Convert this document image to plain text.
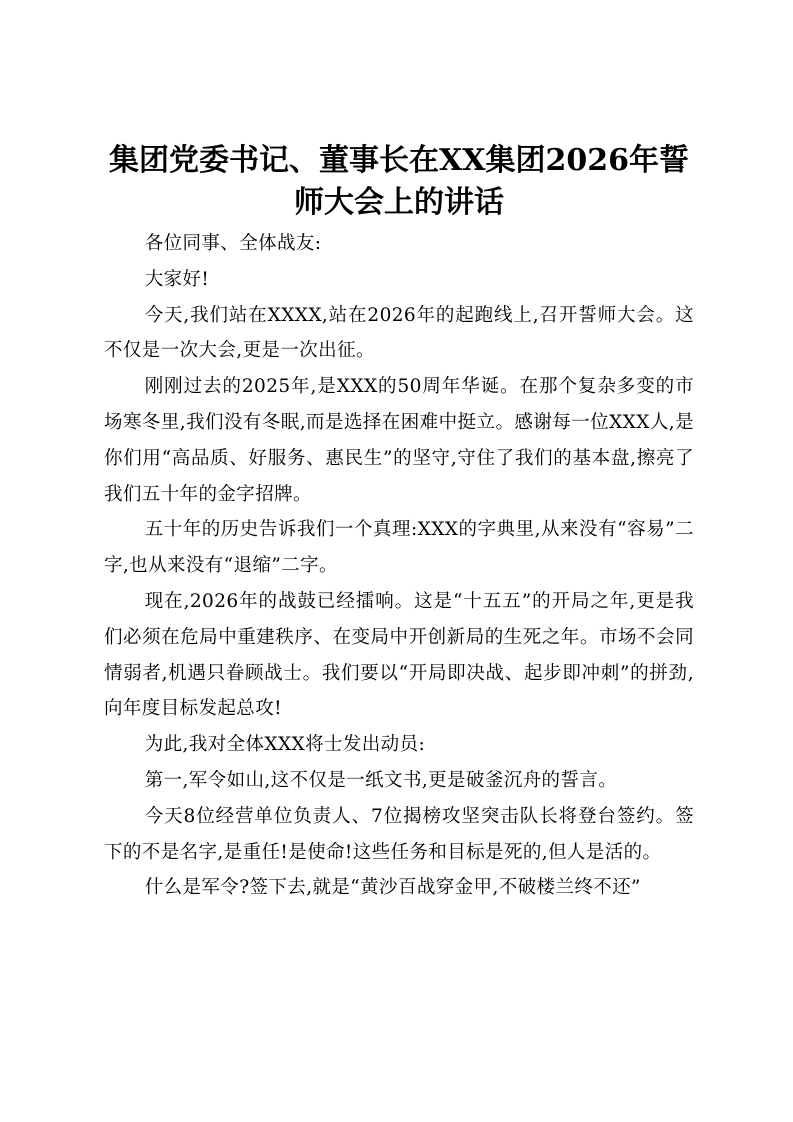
集团党委书记、董事长在XX集团2026年誓师大会上的讲话

各位同事、全体战友:

大家好!

今天,我们站在XXXX,站在2026年的起跑线上,召开誓师大会。这不仅是一次大会,更是一次出征。

刚刚过去的2025年,是XXX的50周年华诞。在那个复杂多变的市场寒冬里,我们没有冬眠,而是选择在困难中挺立。感谢每一位XXX人,是你们用“高品质、好服务、惠民生”的坚守,守住了我们的基本盘,擦亮了我们五十年的金字招牌。

五十年的历史告诉我们一个真理:XXX的字典里,从来没有“容易”二字,也从来没有“退缩”二字。

现在,2026年的战鼓已经擂响。这是“十五五”的开局之年,更是我们必须在危局中重建秩序、在变局中开创新局的生死之年。市场不会同情弱者,机遇只眷顾战士。我们要以“开局即决战、起步即冲刺”的拼劲,向年度目标发起总攻!

为此,我对全体XXX将士发出动员:

第一,军令如山,这不仅是一纸文书,更是破釜沉舟的誓言。

今天8位经营单位负责人、7位揭榜攻坚突击队长将登台签约。签下的不是名字,是重任!是使命!这些任务和目标是死的,但人是活的。

什么是军令?签下去,就是“黄沙百战穿金甲,不破楼兰终不还”
